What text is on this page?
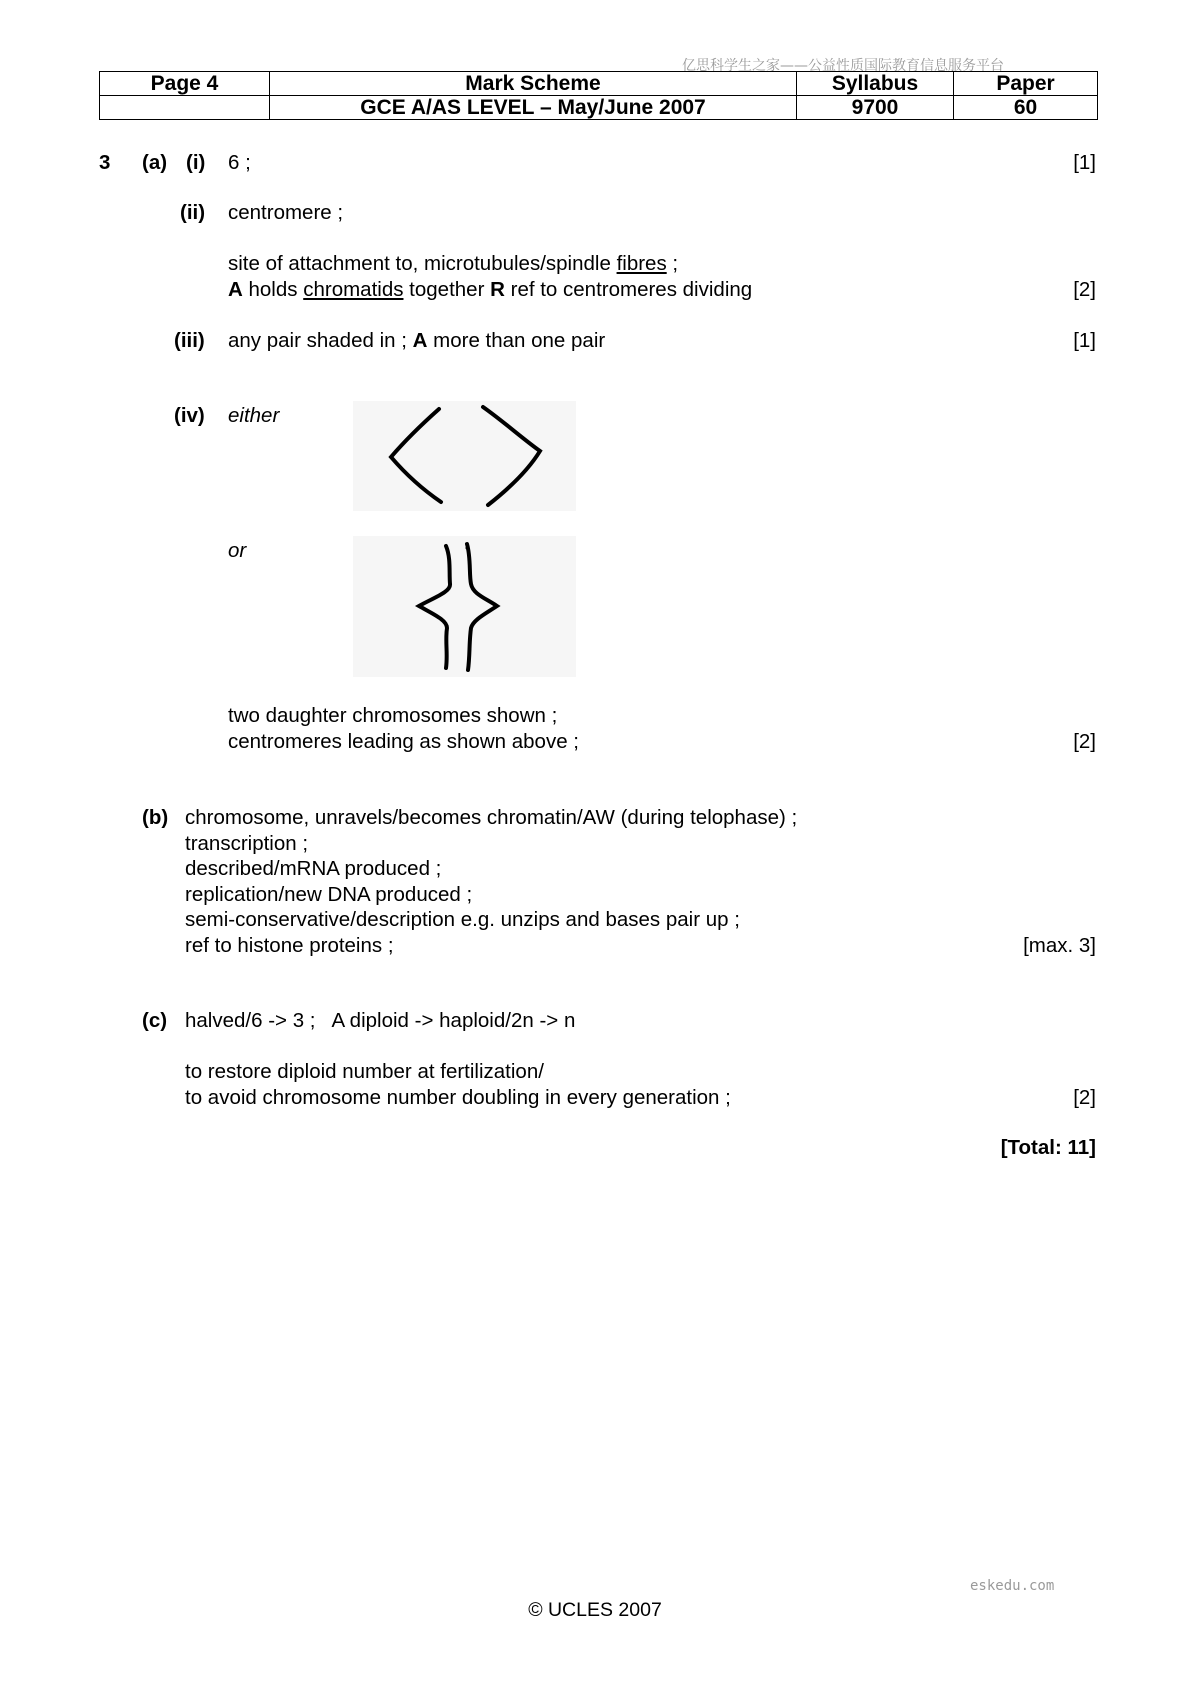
亿思科学生之家——公益性质国际教育信息服务平台
Page 4	Mark Scheme	Syllabus	Paper
	GCE A/AS LEVEL – May/June 2007	9700	60
3 (a) (i) 6 ;	[1]
(ii) centromere ;
site of attachment to, microtubules/spindle fibres ;
A holds chromatids together R ref to centromeres dividing	[2]
(iii) any pair shaded in ; A more than one pair	[1]
(iv) either
or
two daughter chromosomes shown ;
centromeres leading as shown above ;	[2]
(b) chromosome, unravels/becomes chromatin/AW (during telophase) ;
transcription ;
described/mRNA produced ;
replication/new DNA produced ;
semi-conservative/description e.g. unzips and bases pair up ;
ref to histone proteins ;	[max. 3]
(c) halved/6 -> 3 ;   A diploid -> haploid/2n -> n
to restore diploid number at fertilization/
to avoid chromosome number doubling in every generation ;	[2]
[Total: 11]
eskedu.com
© UCLES 2007
